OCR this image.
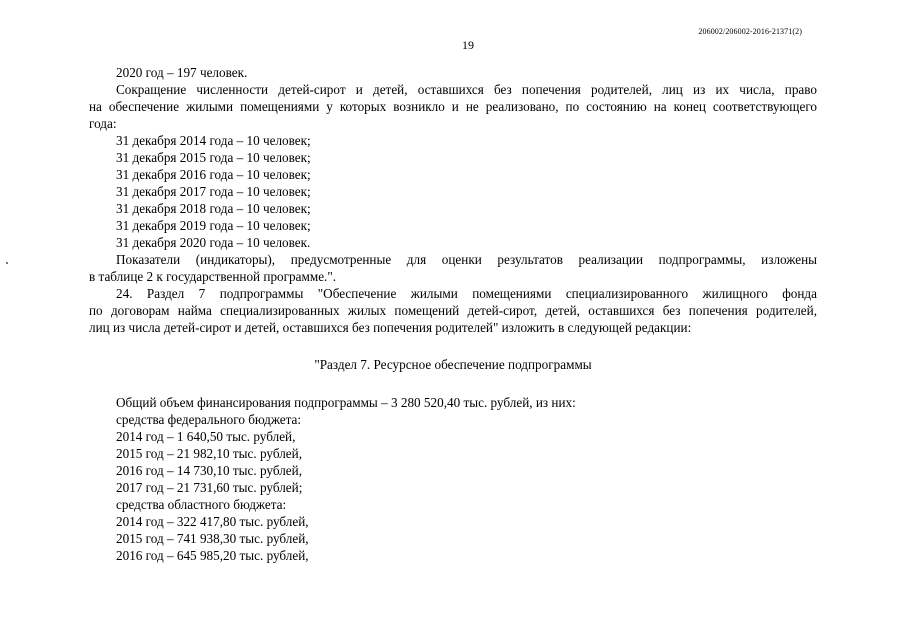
206002/206002-2016-21371(2)
19
2020 год – 197 человек.
Сокращение численности детей-сирот и детей, оставшихся без попечения родителей, лиц из их числа, право
на обеспечение жилыми помещениями у которых возникло и не реализовано, по состоянию на конец соответствующего
года:
31 декабря 2014 года – 10 человек;
31 декабря 2015 года – 10 человек;
31 декабря 2016 года – 10 человек;
31 декабря 2017 года – 10 человек;
31 декабря 2018 года – 10 человек;
31 декабря 2019 года – 10 человек;
31 декабря 2020 года – 10 человек.
Показатели (индикаторы), предусмотренные для оценки результатов реализации подпрограммы, изложены
в таблице 2 к государственной программе.".
24. Раздел 7 подпрограммы "Обеспечение жилыми помещениями специализированного жилищного фонда
по договорам найма специализированных жилых помещений детей-сирот, детей, оставшихся без попечения родителей,
лиц из числа детей-сирот и детей, оставшихся без попечения родителей" изложить в следующей редакции:
"Раздел 7. Ресурсное обеспечение подпрограммы
Общий объем финансирования подпрограммы – 3 280 520,40 тыс. рублей, из них:
средства федерального бюджета:
2014 год – 1 640,50 тыс. рублей,
2015 год – 21 982,10 тыс. рублей,
2016 год – 14 730,10 тыс. рублей,
2017 год – 21 731,60 тыс. рублей;
средства областного бюджета:
2014 год – 322 417,80 тыс. рублей,
2015 год – 741 938,30 тыс. рублей,
2016 год – 645 985,20 тыс. рублей,
